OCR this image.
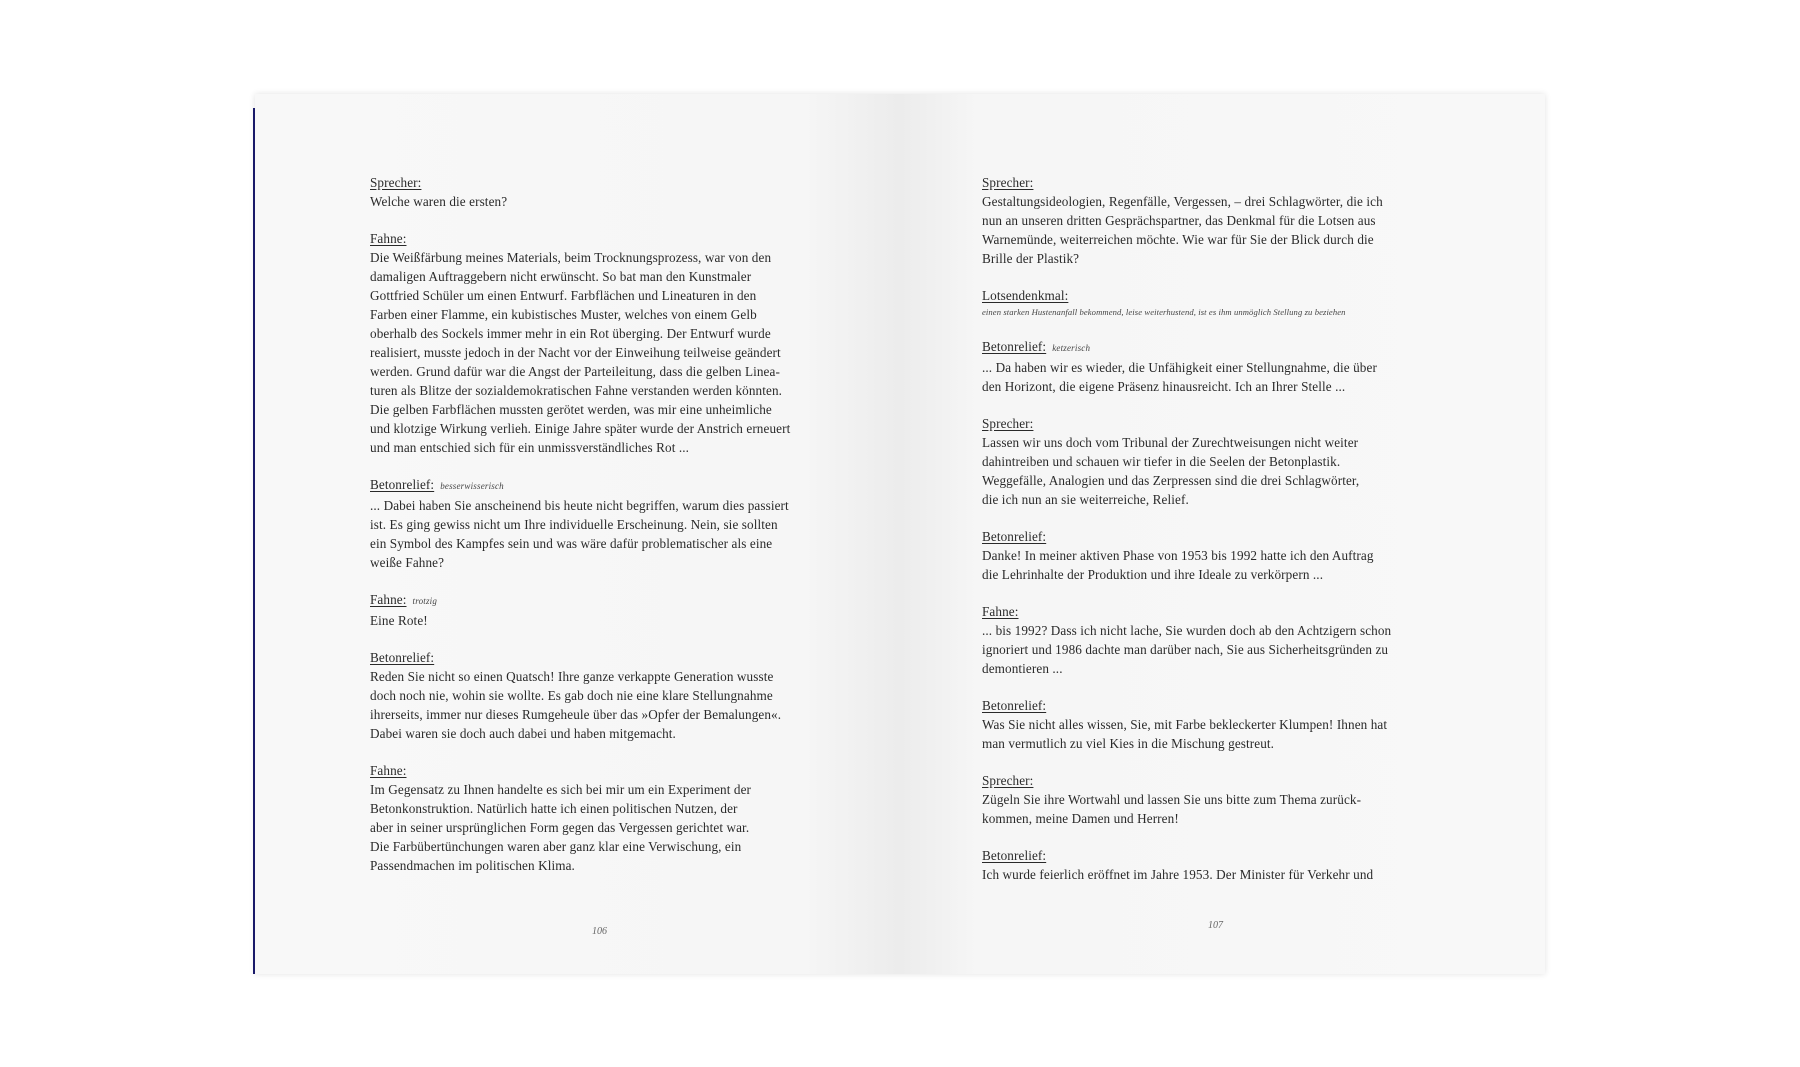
Sprecher:
Welche waren die ersten?
Fahne:
Die Weißfärbung meines Materials, beim Trocknungsprozess, war von den
damaligen Auftraggebern nicht erwünscht. So bat man den Kunstmaler
Gottfried Schüler um einen Entwurf. Farbflächen und Lineaturen in den
Farben einer Flamme, ein kubistisches Muster, welches von einem Gelb
oberhalb des Sockels immer mehr in ein Rot überging. Der Entwurf wurde
realisiert, musste jedoch in der Nacht vor der Einweihung teilweise geändert
werden. Grund dafür war die Angst der Parteileitung, dass die gelben Linea-
turen als Blitze der sozialdemokratischen Fahne verstanden werden könnten.
Die gelben Farbflächen mussten gerötet werden, was mir eine unheimliche
und klotzige Wirkung verlieh. Einige Jahre später wurde der Anstrich erneuert
und man entschied sich für ein unmissverständliches Rot ...
Betonrelief: besserwisserisch
... Dabei haben Sie anscheinend bis heute nicht begriffen, warum dies passiert
ist. Es ging gewiss nicht um Ihre individuelle Erscheinung. Nein, sie sollten
ein Symbol des Kampfes sein und was wäre dafür problematischer als eine
weiße Fahne?
Fahne: trotzig
Eine Rote!
Betonrelief:
Reden Sie nicht so einen Quatsch! Ihre ganze verkappte Generation wusste
doch noch nie, wohin sie wollte. Es gab doch nie eine klare Stellungnahme
ihrerseits, immer nur dieses Rumgeheule über das »Opfer der Bemalungen«.
Dabei waren sie doch auch dabei und haben mitgemacht.
Fahne:
Im Gegensatz zu Ihnen handelte es sich bei mir um ein Experiment der
Betonkonstruktion. Natürlich hatte ich einen politischen Nutzen, der
aber in seiner ursprünglichen Form gegen das Vergessen gerichtet war.
Die Farbübertünchungen waren aber ganz klar eine Verwischung, ein
Passendmachen im politischen Klima.
Sprecher:
Gestaltungsideologien, Regenfälle, Vergessen, – drei Schlagwörter, die ich
nun an unseren dritten Gesprächspartner, das Denkmal für die Lotsen aus
Warnemünde, weiterreichen möchte. Wie war für Sie der Blick durch die
Brille der Plastik?
Lotsendenkmal:
einen starken Hustenanfall bekommend, leise weiterhustend, ist es ihm unmöglich Stellung zu beziehen
Betonrelief: ketzerisch
... Da haben wir es wieder, die Unfähigkeit einer Stellungnahme, die über
den Horizont, die eigene Präsenz hinausreicht. Ich an Ihrer Stelle ...
Sprecher:
Lassen wir uns doch vom Tribunal der Zurechtweisungen nicht weiter
dahintreiben und schauen wir tiefer in die Seelen der Betonplastik.
Weggefälle, Analogien und das Zerpressen sind die drei Schlagwörter,
die ich nun an sie weiterreiche, Relief.
Betonrelief:
Danke! In meiner aktiven Phase von 1953 bis 1992 hatte ich den Auftrag
die Lehrinhalte der Produktion und ihre Ideale zu verkörpern ...
Fahne:
... bis 1992? Dass ich nicht lache, Sie wurden doch ab den Achtzigern schon
ignoriert und 1986 dachte man darüber nach, Sie aus Sicherheitsgründen zu
demontieren ...
Betonrelief:
Was Sie nicht alles wissen, Sie, mit Farbe bekleckerter Klumpen! Ihnen hat
man vermutlich zu viel Kies in die Mischung gestreut.
Sprecher:
Zügeln Sie ihre Wortwahl und lassen Sie uns bitte zum Thema zurück-
kommen, meine Damen und Herren!
Betonrelief:
Ich wurde feierlich eröffnet im Jahre 1953. Der Minister für Verkehr und
106
107
